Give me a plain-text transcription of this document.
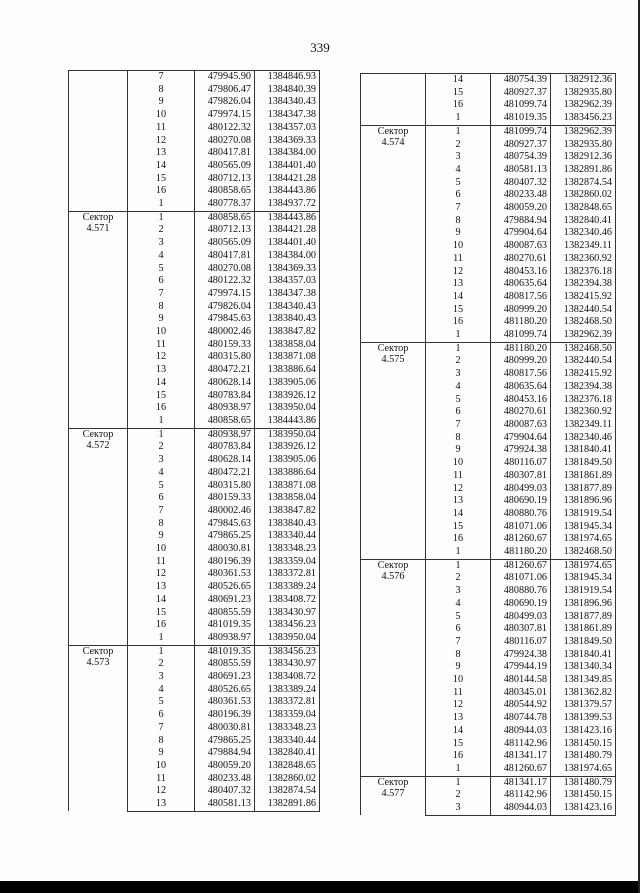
339
	7	479945.90	1384846.93
	8	479806.47	1384840.39
	9	479826.04	1384340.43
	10	479974.15	1384347.38
	11	480122.32	1384357.03
	12	480270.08	1384369.33
	13	480417.81	1384384.00
	14	480565.09	1384401.40
	15	480712.13	1384421.28
	16	480858.65	1384443.86
	1	480778.37	1384937.72
Сектор
4.571	1	480858.65	1384443.86
	2	480712.13	1384421.28
	3	480565.09	1384401.40
	4	480417.81	1384384.00
	5	480270.08	1384369.33
	6	480122.32	1384357.03
	7	479974.15	1384347.38
	8	479826.04	1384340.43
	9	479845.63	1383840.43
	10	480002.46	1383847.82
	11	480159.33	1383858.04
	12	480315.80	1383871.08
	13	480472.21	1383886.64
	14	480628.14	1383905.06
	15	480783.84	1383926.12
	16	480938.97	1383950.04
	1	480858.65	1384443.86
Сектор
4.572	1	480938.97	1383950.04
	2	480783.84	1383926.12
	3	480628.14	1383905.06
	4	480472.21	1383886.64
	5	480315.80	1383871.08
	6	480159.33	1383858.04
	7	480002.46	1383847.82
	8	479845.63	1383840.43
	9	479865.25	1383340.44
	10	480030.81	1383348.23
	11	480196.39	1383359.04
	12	480361.53	1383372.81
	13	480526.65	1383389.24
	14	480691.23	1383408.72
	15	480855.59	1383430.97
	16	481019.35	1383456.23
	1	480938.97	1383950.04
Сектор
4.573	1	481019.35	1383456.23
	2	480855.59	1383430.97
	3	480691.23	1383408.72
	4	480526.65	1383389.24
	5	480361.53	1383372.81
	6	480196.39	1383359.04
	7	480030.81	1383348.23
	8	479865.25	1383340.44
	9	479884.94	1382840.41
	10	480059.20	1382848.65
	11	480233.48	1382860.02
	12	480407.32	1382874.54
	13	480581.13	1382891.86
	14	480754.39	1382912.36
	15	480927.37	1382935.80
	16	481099.74	1382962.39
	1	481019.35	1383456.23
Сектор
4.574	1	481099.74	1382962.39
	2	480927.37	1382935.80
	3	480754.39	1382912.36
	4	480581.13	1382891.86
	5	480407.32	1382874.54
	6	480233.48	1382860.02
	7	480059.20	1382848.65
	8	479884.94	1382840.41
	9	479904.64	1382340.46
	10	480087.63	1382349.11
	11	480270.61	1382360.92
	12	480453.16	1382376.18
	13	480635.64	1382394.38
	14	480817.56	1382415.92
	15	480999.20	1382440.54
	16	481180.20	1382468.50
	1	481099.74	1382962.39
Сектор
4.575	1	481180.20	1382468.50
	2	480999.20	1382440.54
	3	480817.56	1382415.92
	4	480635.64	1382394.38
	5	480453.16	1382376.18
	6	480270.61	1382360.92
	7	480087.63	1382349.11
	8	479904.64	1382340.46
	9	479924.38	1381840.41
	10	480116.07	1381849.50
	11	480307.81	1381861.89
	12	480499.03	1381877.89
	13	480690.19	1381896.96
	14	480880.76	1381919.54
	15	481071.06	1381945.34
	16	481260.67	1381974.65
	1	481180.20	1382468.50
Сектор
4.576	1	481260.67	1381974.65
	2	481071.06	1381945.34
	3	480880.76	1381919.54
	4	480690.19	1381896.96
	5	480499.03	1381877.89
	6	480307.81	1381861.89
	7	480116.07	1381849.50
	8	479924.38	1381840.41
	9	479944.19	1381340.34
	10	480144.58	1381349.85
	11	480345.01	1381362.82
	12	480544.92	1381379.57
	13	480744.78	1381399.53
	14	480944.03	1381423.16
	15	481142.96	1381450.15
	16	481341.17	1381480.79
	1	481260.67	1381974.65
Сектор
4.577	1	481341.17	1381480.79
	2	481142.96	1381450.15
	3	480944.03	1381423.16
